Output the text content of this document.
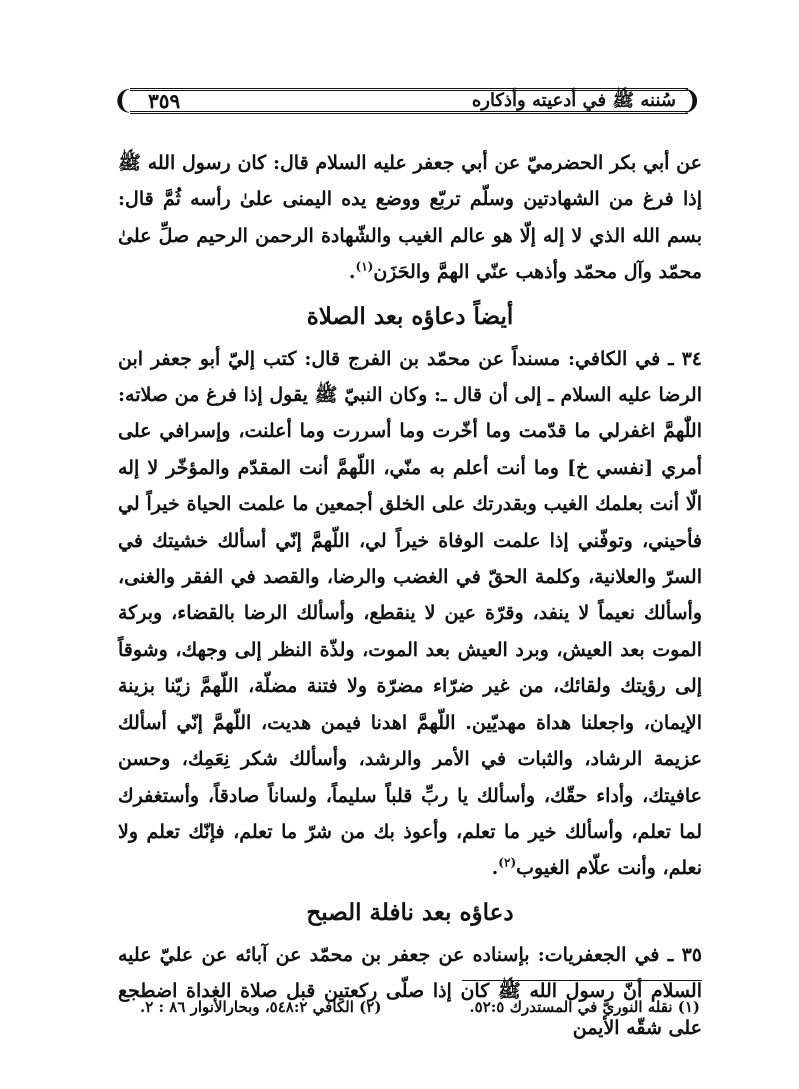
❨
❩	سُننه ﷺ في أدعيته وأذكاره
٣٥٩

عن أبي بكر الحضرميّ عن أبي جعفر عليه السلام قال: كان رسول الله ﷺ إذا فرغ من الشهادتين وسلّم تربّع ووضع يده اليمنى علىٰ رأسه ثُمَّ قال: بسم الله الذي لا إله إلّا هو عالم الغيب والشّهادة الرحمن الرحيم صلِّ علىٰ محمّد وآل محمّد وأذهب عنّي الهمَّ والحَزَن$^{(١)}$.

أيضاً دعاؤه بعد الصلاة

٣٤ ـ في الكافي: مسنداً عن محمّد بن الفرج قال: كتب إليّ أبو جعفر ابن الرضا عليه السلام ـ إلى أن قال ـ: وكان النبيّ ﷺ يقول إذا فرغ من صلاته: اللّٰهمَّ اغفرلي ما قدّمت وما أخّرت وما أسررت وما أعلنت، وإسرافي على أمري [نفسي خ] وما أنت أعلم به منّي، اللّهمَّ أنت المقدّم والمؤخّر لا إله الّا أنت بعلمك الغيب وبقدرتك على الخلق أجمعين ما علمت الحياة خيراً لي فأحيني، وتوفّني إذا علمت الوفاة خيراً لي، اللّهمَّ إنّي أسألك خشيتك في السرّ والعلانية، وكلمة الحقّ في الغضب والرضا، والقصد في الفقر والغنى، وأسألك نعيماً لا ينفد، وقرّة عين لا ينقطع، وأسألك الرضا بالقضاء، وبركة الموت بعد العيش، وبرد العيش بعد الموت، ولذّة النظر إلى وجهك، وشوقاً إلى رؤيتك ولقائك، من غير ضرّاء مضرّة ولا فتنة مضلّة، اللّهمَّ زيّنا بزينة الإيمان، واجعلنا هداة مهديّين. اللّهمَّ اهدنا فيمن هديت، اللّهمَّ إنّي أسألك عزيمة الرشاد، والثبات في الأمر والرشد، وأسألك شكر نِعَمِك، وحسن عافيتك، وأداء حقّك، وأسألك يا ربِّ قلباً سليماً، ولساناً صادقاً، وأستغفرك لما تعلم، وأسألك خير ما تعلم، وأعوذ بك من شرّ ما تعلم، فإنّك تعلم ولا نعلم، وأنت علّام الغيوب$^{(٢)}$.

دعاؤه بعد نافلة الصبح

٣٥ ـ في الجعفريات: بإسناده عن جعفر بن محمّد عن آبائه عن عليّ عليه السلام أنّ رسول الله ﷺ كان إذا صلّى ركعتين قبل صلاة الغداة اضطجع على شقّه الأيمن

(١) نقله النوريّ في المستدرك ٥٢:٥.
(٢) الكافي ٥٤٨:٢، وبحارالأنوار ٨٦ : ٢.
